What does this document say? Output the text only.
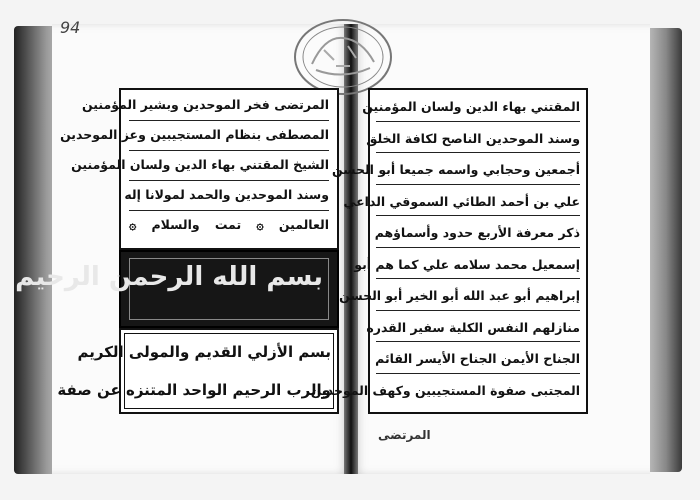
94
المرتضى فخر الموحدين وبشير المؤمنين
المصطفى بنظام المستجيبين وعز الموحدين
الشيخ المقتني بهاء الدين ولسان المؤمنين
وسند الموحدين والحمد لمولانا إله
العالمين ۞ تمت والسلام ۞
بسم الله الرحمن الرحيم
بسم الأزلي القديم والمولى الكريم
والرب الرحيم الواحد المتنزه عن صفة
المقتني بهاء الدين ولسان المؤمنين
وسند الموحدين الناصح لكافة الخلق
أجمعين وحجابي واسمه جميعا أبو الحسن
علي بن أحمد الطائي السموقي الداعي
ذكر معرفة الأربع حدود وأسماؤهم
إسمعيل محمد سلامه علي كما هم أبو
إبراهيم أبو عبد الله أبو الخير أبو الحسن
منازلهم النفس الكلية سفير القدره
الجناح الأيمن الجناح الأيسر القائم
المجتبى صفوة المستجيبين وكهف الموحدين
المرتضى
